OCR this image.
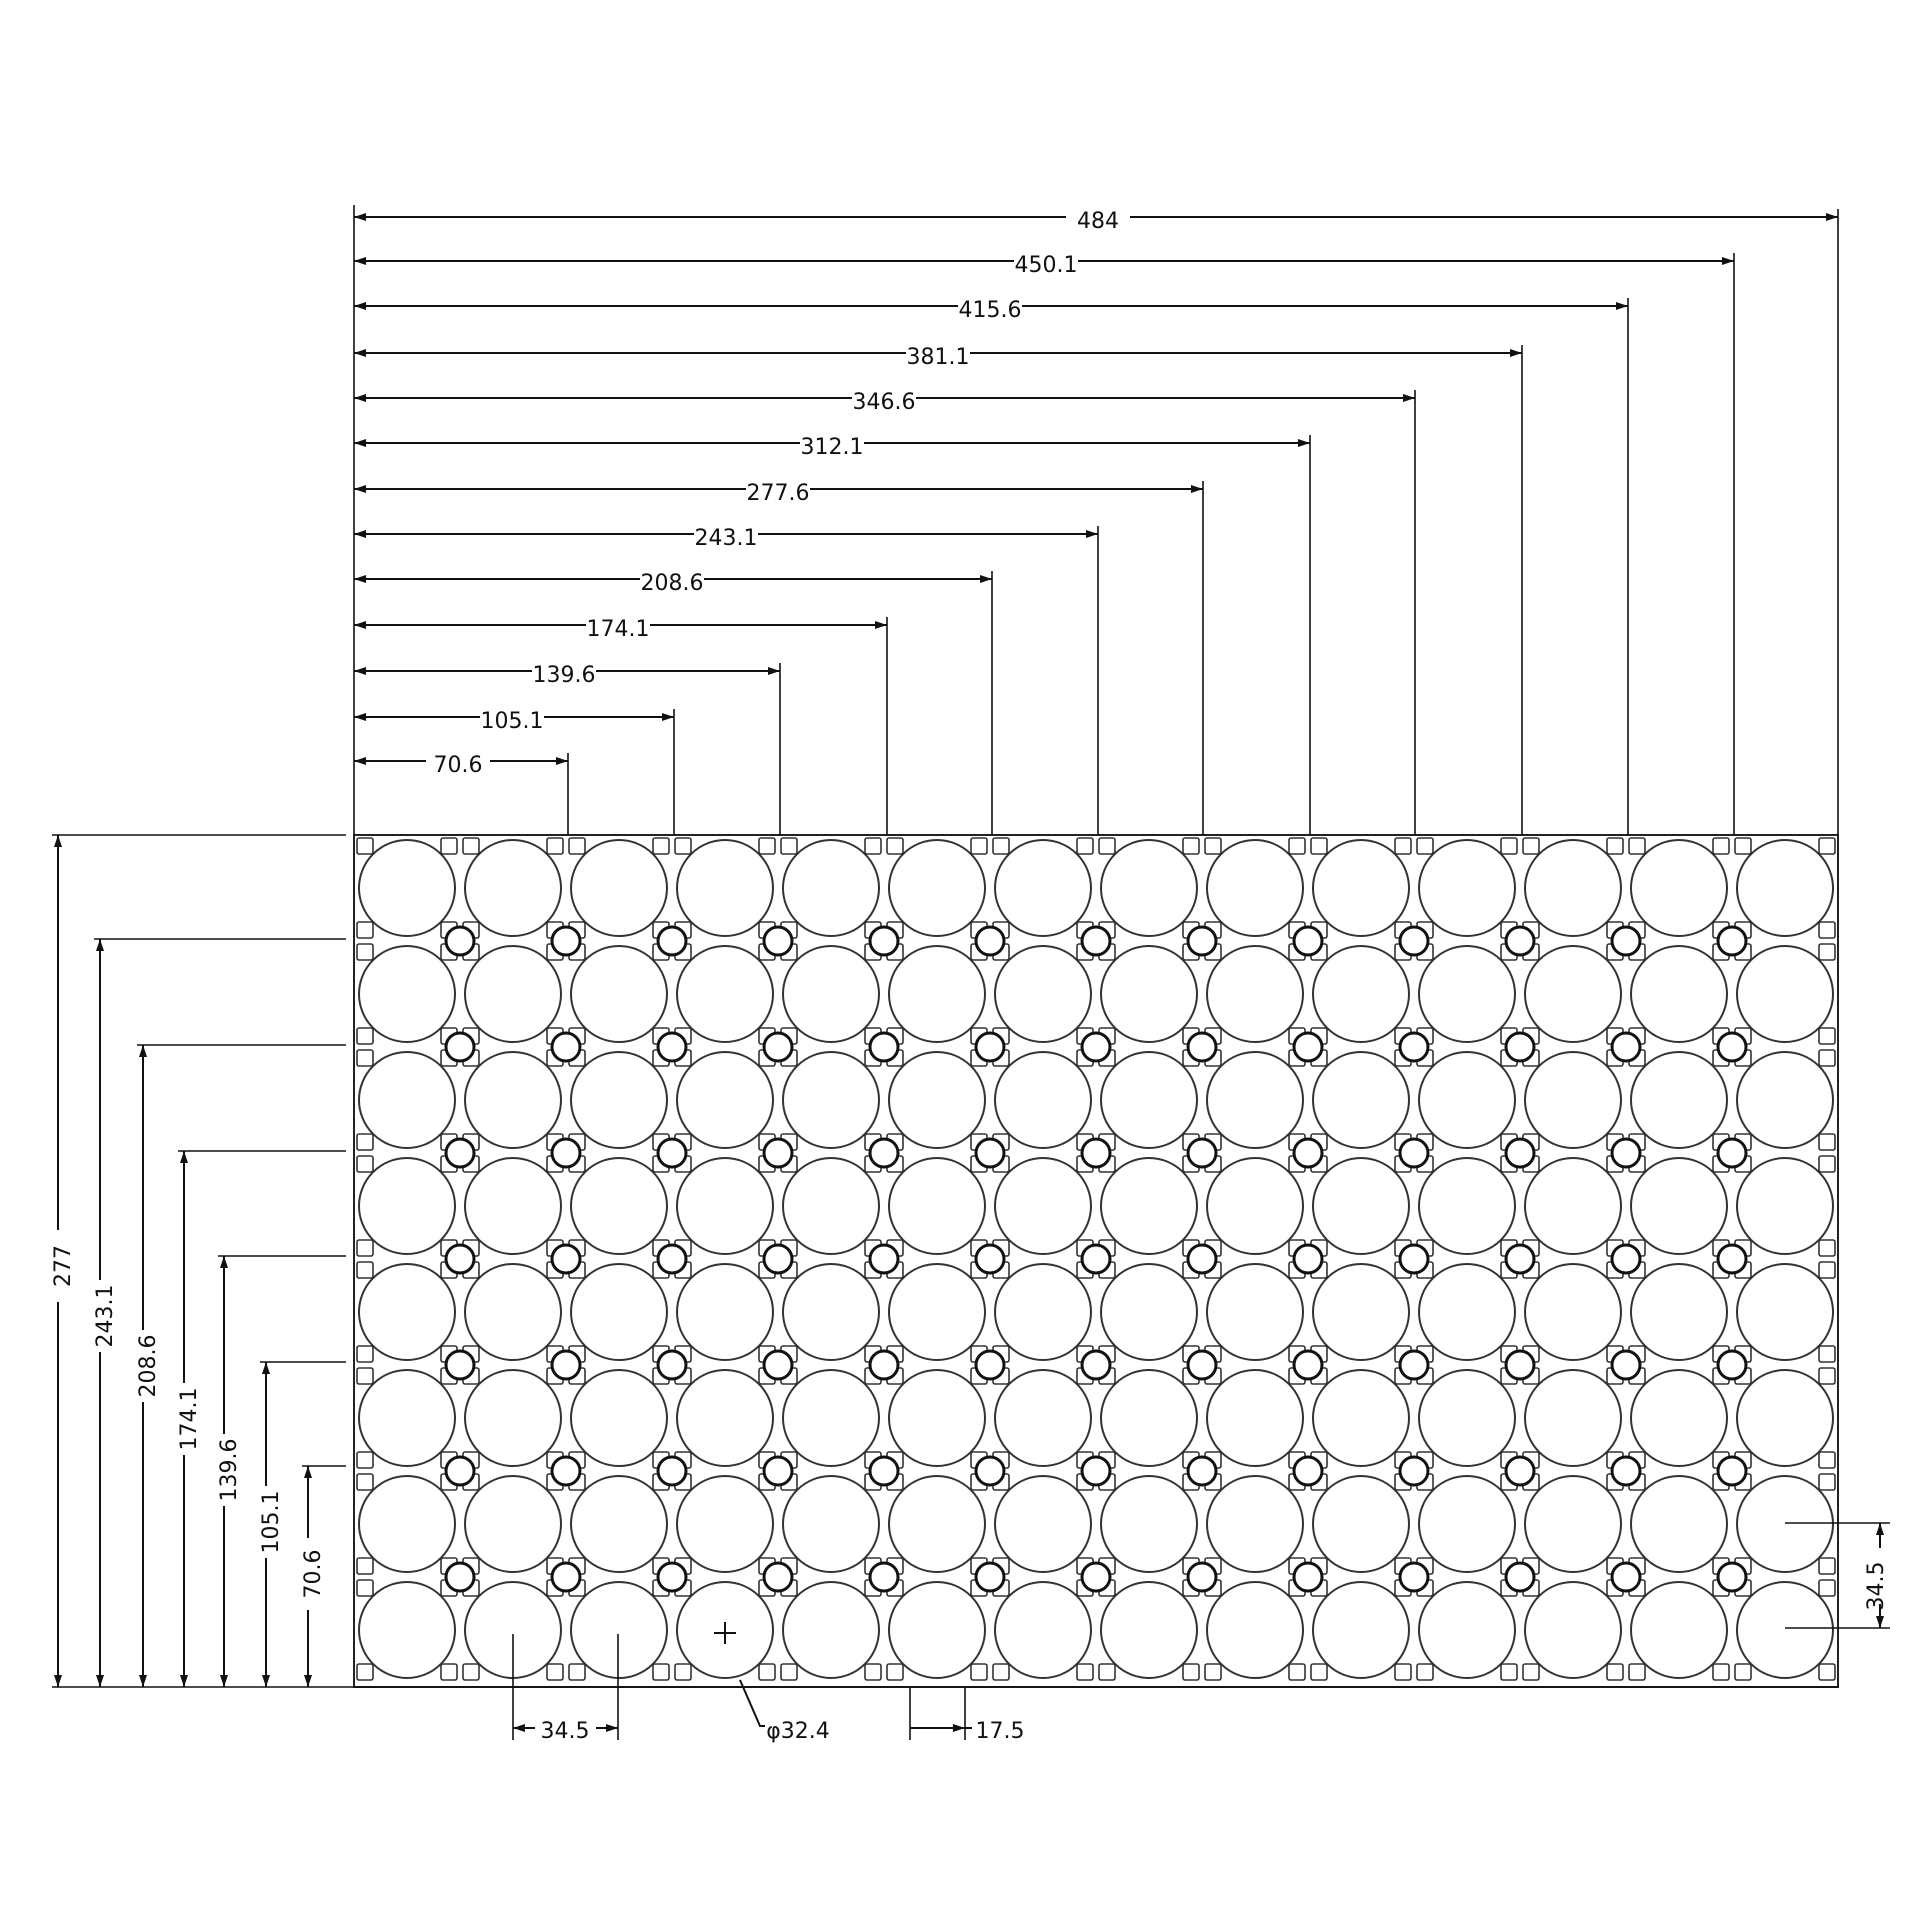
484
450.1
415.6
381.1
346.6
312.1
277.6
243.1
208.6
174.1
139.6
105.1
70.6
277
243.1
208.6
174.1
139.6
105.1
70.6
34.5	φ32.4	17.5
34.5
